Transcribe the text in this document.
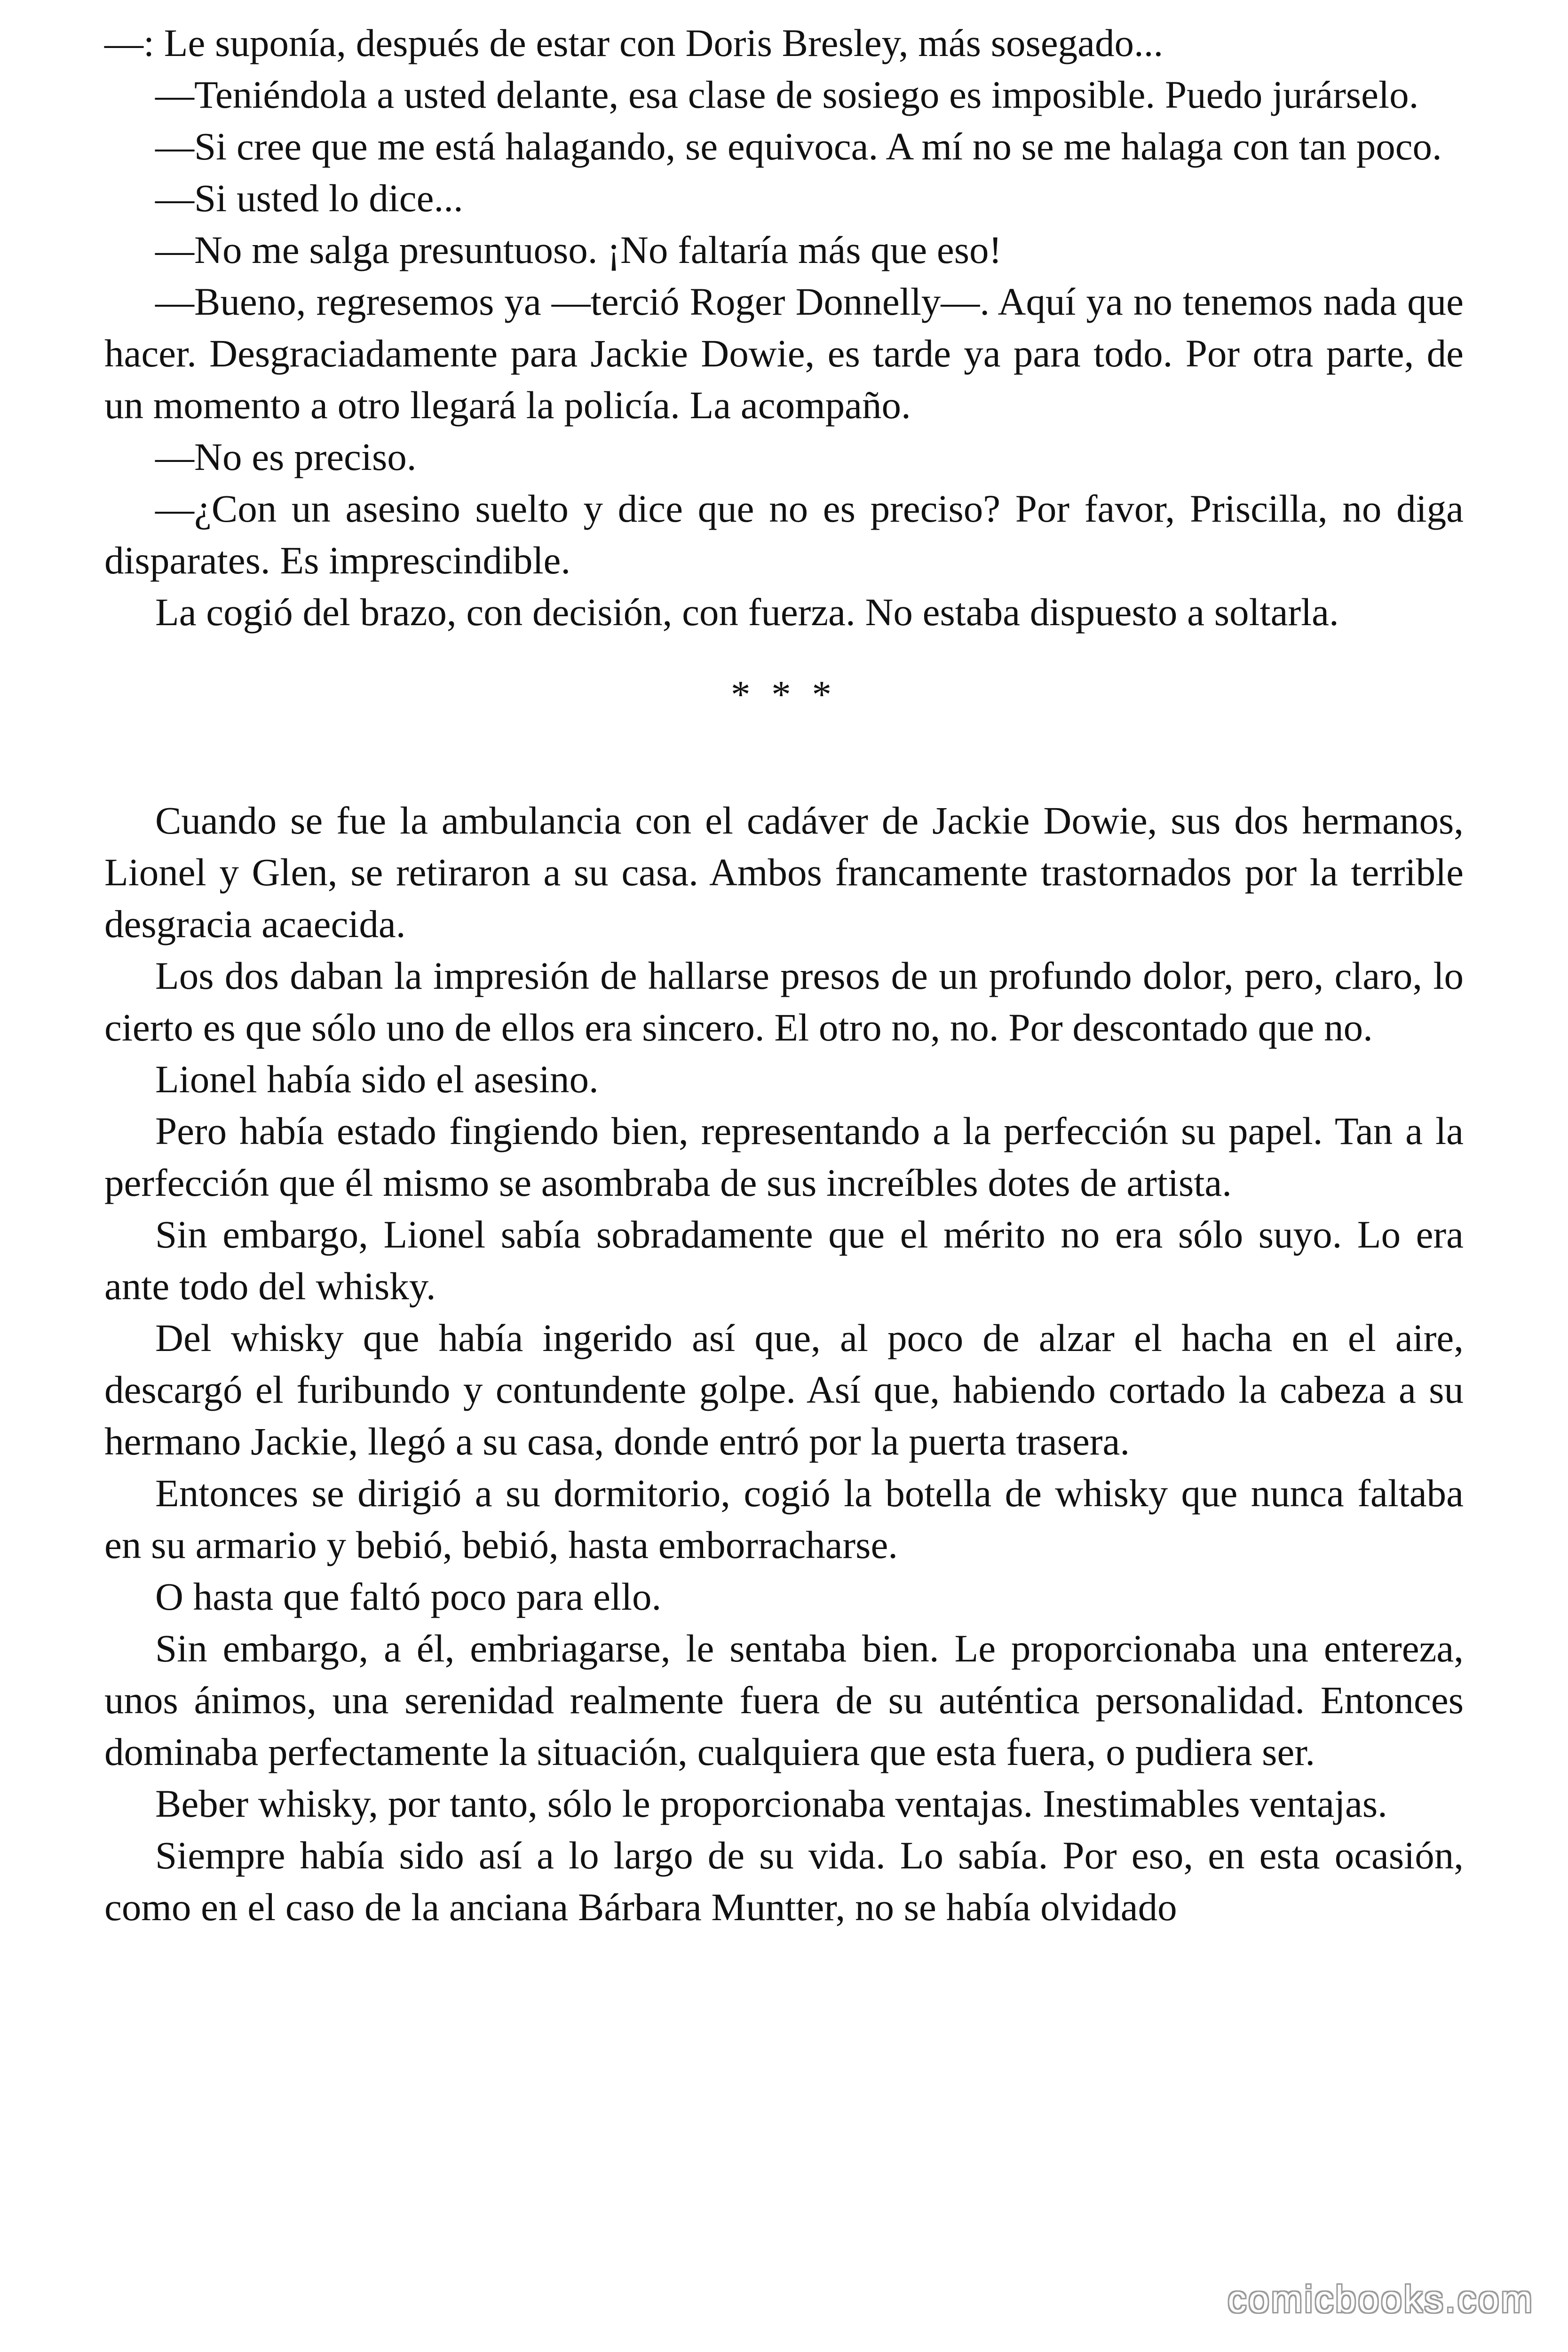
—: Le suponía, después de estar con Doris Bresley, más sosegado...

—Teniéndola a usted delante, esa clase de sosiego es imposible. Puedo jurárselo.

—Si cree que me está halagando, se equivoca. A mí no se me halaga con tan poco.

—Si usted lo dice...

—No me salga presuntuoso. ¡No faltaría más que eso!

—Bueno, regresemos ya —terció Roger Donnelly—. Aquí ya no tenemos nada que hacer. Desgraciadamente para Jackie Dowie, es tarde ya para todo. Por otra parte, de un momento a otro llegará la policía. La acompaño.

—No es preciso.

—¿Con un asesino suelto y dice que no es preciso? Por favor, Priscilla, no diga disparates. Es imprescindible.

La cogió del brazo, con decisión, con fuerza. No estaba dispuesto a soltarla.

* * *

Cuando se fue la ambulancia con el cadáver de Jackie Dowie, sus dos hermanos, Lionel y Glen, se retiraron a su casa. Ambos francamente trastornados por la terrible desgracia acaecida.

Los dos daban la impresión de hallarse presos de un profundo dolor, pero, claro, lo cierto es que sólo uno de ellos era sincero. El otro no, no. Por descontado que no.

Lionel había sido el asesino.

Pero había estado fingiendo bien, representando a la perfección su papel. Tan a la perfección que él mismo se asombraba de sus increíbles dotes de artista.

Sin embargo, Lionel sabía sobradamente que el mérito no era sólo suyo. Lo era ante todo del whisky.

Del whisky que había ingerido así que, al poco de alzar el hacha en el aire, descargó el furibundo y contundente golpe. Así que, habiendo cortado la cabeza a su hermano Jackie, llegó a su casa, donde entró por la puerta trasera.

Entonces se dirigió a su dormitorio, cogió la botella de whisky que nunca faltaba en su armario y bebió, bebió, hasta emborracharse.

O hasta que faltó poco para ello.

Sin embargo, a él, embriagarse, le sentaba bien. Le proporcionaba una entereza, unos ánimos, una serenidad realmente fuera de su auténtica personalidad. Entonces dominaba perfectamente la situación, cualquiera que esta fuera, o pudiera ser.

Beber whisky, por tanto, sólo le proporcionaba ventajas. Inestimables ventajas.

Siempre había sido así a lo largo de su vida. Lo sabía. Por eso, en esta ocasión, como en el caso de la anciana Bárbara Muntter, no se había olvidado

comicbooks.com
